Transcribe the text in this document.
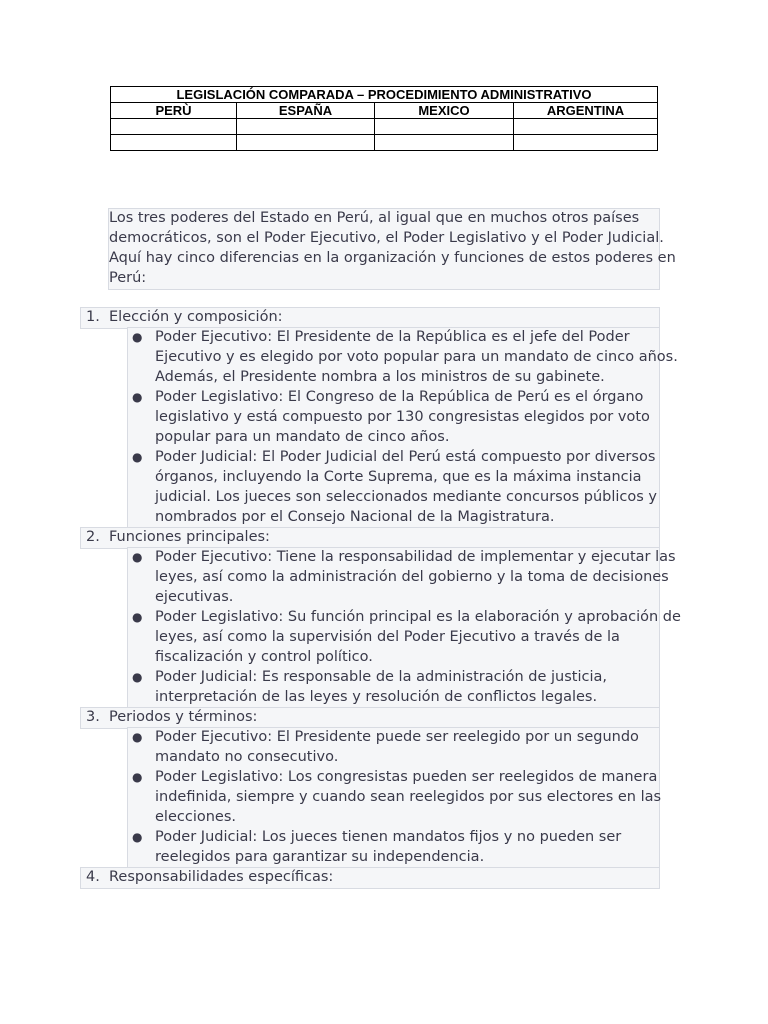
LEGISLACIÓN COMPARADA – PROCEDIMIENTO ADMINISTRATIVO			
PERÙ	ESPAÑA	MEXICO	ARGENTINA

Los tres poderes del Estado en Perú, al igual que en muchos otros países
democráticos, son el Poder Ejecutivo, el Poder Legislativo y el Poder Judicial.
Aquí hay cinco diferencias en la organización y funciones de estos poderes en
Perú:
1. Elección y composición:
● Poder Ejecutivo: El Presidente de la República es el jefe del Poder
Ejecutivo y es elegido por voto popular para un mandato de cinco años.
Además, el Presidente nombra a los ministros de su gabinete.
● Poder Legislativo: El Congreso de la República de Perú es el órgano
legislativo y está compuesto por 130 congresistas elegidos por voto
popular para un mandato de cinco años.
● Poder Judicial: El Poder Judicial del Perú está compuesto por diversos
órganos, incluyendo la Corte Suprema, que es la máxima instancia
judicial. Los jueces son seleccionados mediante concursos públicos y
nombrados por el Consejo Nacional de la Magistratura.
2. Funciones principales:
● Poder Ejecutivo: Tiene la responsabilidad de implementar y ejecutar las
leyes, así como la administración del gobierno y la toma de decisiones
ejecutivas.
● Poder Legislativo: Su función principal es la elaboración y aprobación de
leyes, así como la supervisión del Poder Ejecutivo a través de la
fiscalización y control político.
● Poder Judicial: Es responsable de la administración de justicia,
interpretación de las leyes y resolución de conflictos legales.
3. Periodos y términos:
● Poder Ejecutivo: El Presidente puede ser reelegido por un segundo
mandato no consecutivo.
● Poder Legislativo: Los congresistas pueden ser reelegidos de manera
indefinida, siempre y cuando sean reelegidos por sus electores en las
elecciones.
● Poder Judicial: Los jueces tienen mandatos fijos y no pueden ser
reelegidos para garantizar su independencia.
4. Responsabilidades específicas:
